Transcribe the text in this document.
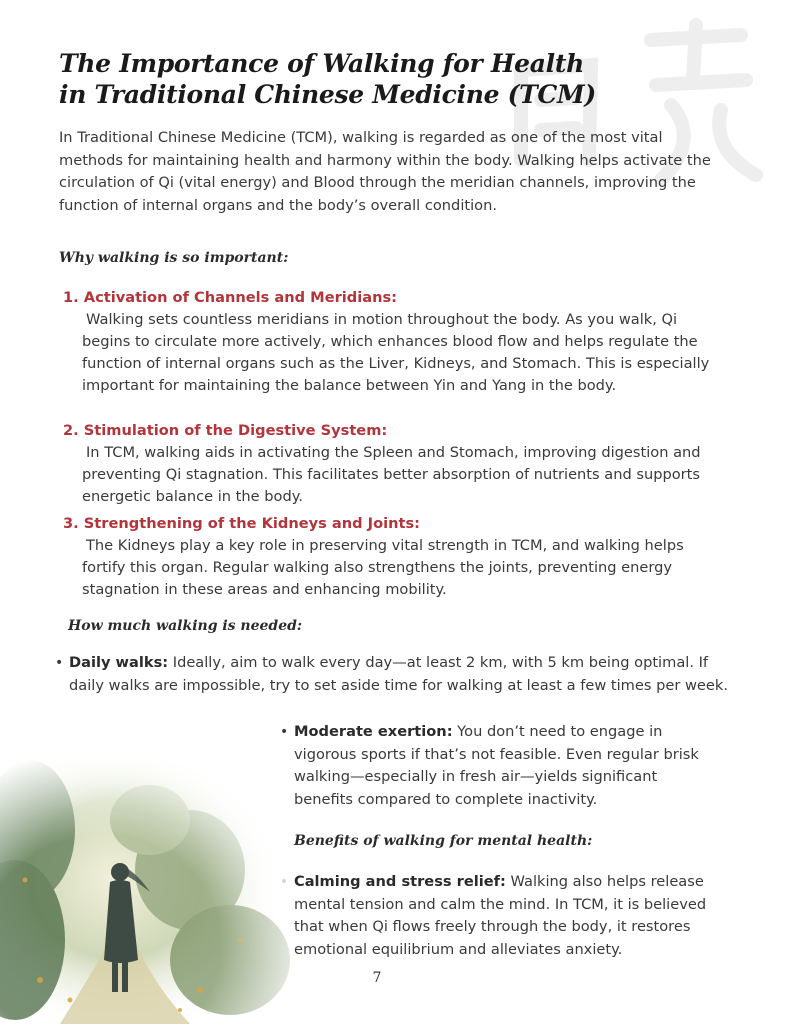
The Importance of Walking for Health in Traditional Chinese Medicine (TCM)

In Traditional Chinese Medicine (TCM), walking is regarded as one of the most vital methods for maintaining health and harmony within the body. Walking helps activate the circulation of Qi (vital energy) and Blood through the meridian channels, improving the function of internal organs and the body’s overall condition.

Why walking is so important:

1. Activation of Channels and Meridians:

Walking sets countless meridians in motion throughout the body. As you walk, Qi begins to circulate more actively, which enhances blood flow and helps regulate the function of internal organs such as the Liver, Kidneys, and Stomach. This is especially important for maintaining the balance between Yin and Yang in the body.

2. Stimulation of the Digestive System:

In TCM, walking aids in activating the Spleen and Stomach, improving digestion and preventing Qi stagnation. This facilitates better absorption of nutrients and supports energetic balance in the body.

3. Strengthening of the Kidneys and Joints:

The Kidneys play a key role in preserving vital strength in TCM, and walking helps fortify this organ. Regular walking also strengthens the joints, preventing energy stagnation in these areas and enhancing mobility.

How much walking is needed:

• Daily walks: Ideally, aim to walk every day—at least 2 km, with 5 km being optimal. If daily walks are impossible, try to set aside time for walking at least a few times per week.

• Moderate exertion: You don’t need to engage in vigorous sports if that’s not feasible. Even regular brisk walking—especially in fresh air—yields significant benefits compared to complete inactivity.

Benefits of walking for mental health:

Calming and stress relief: Walking also helps release mental tension and calm the mind. In TCM, it is believed that when Qi flows freely through the body, it restores emotional equilibrium and alleviates anxiety.

7
